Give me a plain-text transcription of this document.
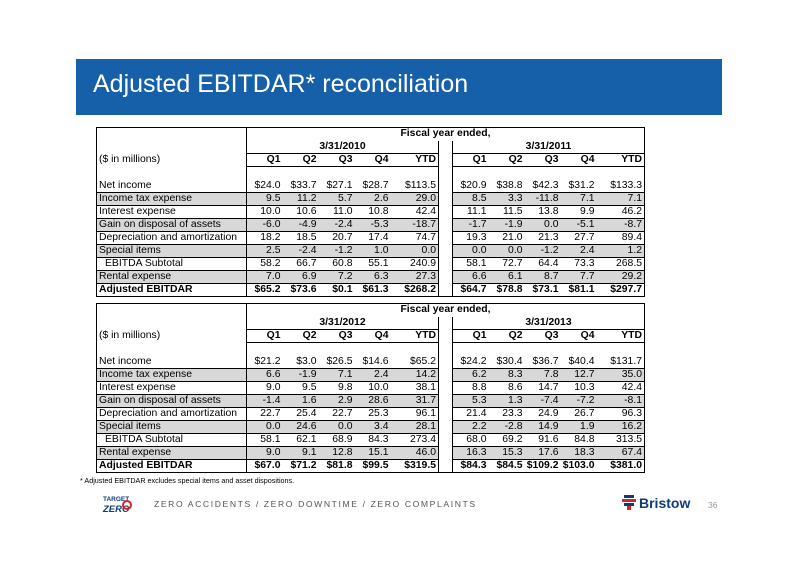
Adjusted EBITDAR* reconciliation
	Fiscal year ended,										
	3/31/2010						3/31/2011				
($ in millions)	Q1	Q2	Q3	Q4	YTD		Q1	Q2	Q3	Q4	YTD

Net income	$24.0	$33.7	$27.1	$28.7	$113.5		$20.9	$38.8	$42.3	$31.2	$133.3
Income tax expense	9.5	11.2	5.7	2.6	29.0		8.5	3.3	-11.8	7.1	7.1
Interest expense	10.0	10.6	11.0	10.8	42.4		11.1	11.5	13.8	9.9	46.2
Gain on disposal of assets	-6.0	-4.9	-2.4	-5.3	-18.7		-1.7	-1.9	0.0	-5.1	-8.7
Depreciation and amortization	18.2	18.5	20.7	17.4	74.7		19.3	21.0	21.3	27.7	89.4
Special items	2.5	-2.4	-1.2	1.0	0.0		0.0	0.0	-1.2	2.4	1.2
EBITDA Subtotal	58.2	66.7	60.8	55.1	240.9		58.1	72.7	64.4	73.3	268.5
Rental expense	7.0	6.9	7.2	6.3	27.3		6.6	6.1	8.7	7.7	29.2
Adjusted EBITDAR	$65.2	$73.6	$0.1	$61.3	$268.2		$64.7	$78.8	$73.1	$81.1	$297.7
	Fiscal year ended,										
	3/31/2012						3/31/2013				
($ in millions)	Q1	Q2	Q3	Q4	YTD		Q1	Q2	Q3	Q4	YTD

Net income	$21.2	$3.0	$26.5	$14.6	$65.2		$24.2	$30.4	$36.7	$40.4	$131.7
Income tax expense	6.6	-1.9	7.1	2.4	14.2		6.2	8.3	7.8	12.7	35.0
Interest expense	9.0	9.5	9.8	10.0	38.1		8.8	8.6	14.7	10.3	42.4
Gain on disposal of assets	-1.4	1.6	2.9	28.6	31.7		5.3	1.3	-7.4	-7.2	-8.1
Depreciation and amortization	22.7	25.4	22.7	25.3	96.1		21.4	23.3	24.9	26.7	96.3
Special items	0.0	24.6	0.0	3.4	28.1		2.2	-2.8	14.9	1.9	16.2
EBITDA Subtotal	58.1	62.1	68.9	84.3	273.4		68.0	69.2	91.6	84.8	313.5
Rental expense	9.0	9.1	12.8	15.1	46.0		16.3	15.3	17.6	18.3	67.4
Adjusted EBITDAR	$67.0	$71.2	$81.8	$99.5	$319.5		$84.3	$84.5	$109.2	$103.0	$381.0
* Adjusted EBITDAR excludes special items and asset dispositions.
TARGET
ZERO	ZERO ACCIDENTS / ZERO DOWNTIME / ZERO COMPLAINTS	Bristow 36
